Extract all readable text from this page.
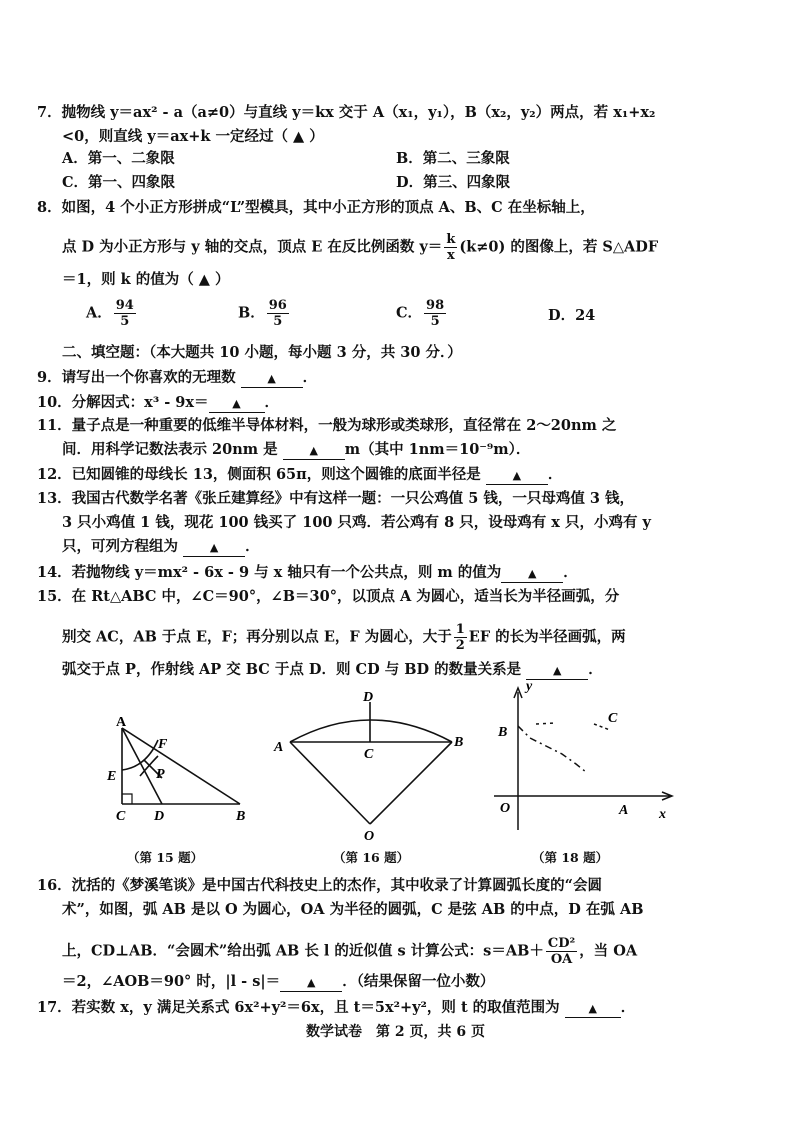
7．抛物线 y＝ax² - a（a≠0）与直线 y＝kx 交于 A（x₁，y₁），B（x₂，y₂）两点，若 x₁+x₂
<0，则直线 y＝ax+k 一定经过（ ▲ ）
A．第一、二象限	B．第二、三象限
C．第一、四象限	D．第三、四象限
8．如图，4 个小正方形拼成“L”型模具，其中小正方形的顶点 A、B、C 在坐标轴上，
点 D 为小正方形与 y 轴的交点，顶点 E 在反比例函数 $y= \frac{k}{x} (k\ne 0)$ 的图像上，若 S△ADF
＝1，则 k 的值为（ ▲ ）
A． $\frac{94}{5}$	B． $\frac{96}{5}$	C． $\frac{98}{5}$	D．24
二、填空题：（本大题共 10 小题，每小题 3 分，共 30 分．）
9．请写出一个你喜欢的无理数	▲ ．
10．分解因式：x³ - 9x＝ ▲ ．
11．量子点是一种重要的低维半导体材料，一般为球形或类球形，直径常在 2～20nm 之
间．用科学记数法表示 20nm 是	▲ m（其中 1nm＝10⁻⁹m）．
12．已知圆锥的母线长 13，侧面积 65π，则这个圆锥的底面半径是	▲ ．
13．我国古代数学名著《张丘建算经》中有这样一题：一只公鸡值 5 钱，一只母鸡值 3 钱，
3 只小鸡值 1 钱，现花 100 钱买了 100 只鸡．若公鸡有 8 只，设母鸡有 x 只，小鸡有 y
只，可列方程组为	▲ ．
14．若抛物线 y＝mx² - 6x - 9 与 x 轴只有一个公共点，则 m 的值为 ▲ ．
15．在 Rt△ABC 中，∠C＝90°，∠B＝30°，以顶点 A 为圆心，适当长为半径画弧，分
别交 AC，AB 于点 E，F；再分别以点 E，F 为圆心，大于 $\frac{1}{2}$ EF 的长为半径画弧，两
弧交于点 P，作射线 AP 交 BC 于点 D．则 CD 与 BD 的数量关系是	▲ ．
A
F
E	P
C D	B
（第 15 题）
D
A	C
B
O
（第 16 题）
y
B
C
O	A x
（第 18 题）
16．沈括的《梦溪笔谈》是中国古代科技史上的杰作，其中收录了计算圆弧长度的“会圆
术”，如图，弧 AB 是以 O 为圆心，OA 为半径的圆弧，C 是弦 AB 的中点，D 在弧 AB
上，CD⊥AB．“会圆术”给出弧 AB 长 l 的近似值 s 计算公式：$s=AB+ \frac{\text{CD²}}{OA}$ ，当 OA
＝2，∠AOB＝90° 时，|l - s|＝ ▲ ．（结果保留一位小数）
17．若实数 x，y 满足关系式 6x²+y²＝6x，且 t＝5x²+y²，则 t 的取值范围为	▲ ．
数学试卷　第 2 页，共 6 页
